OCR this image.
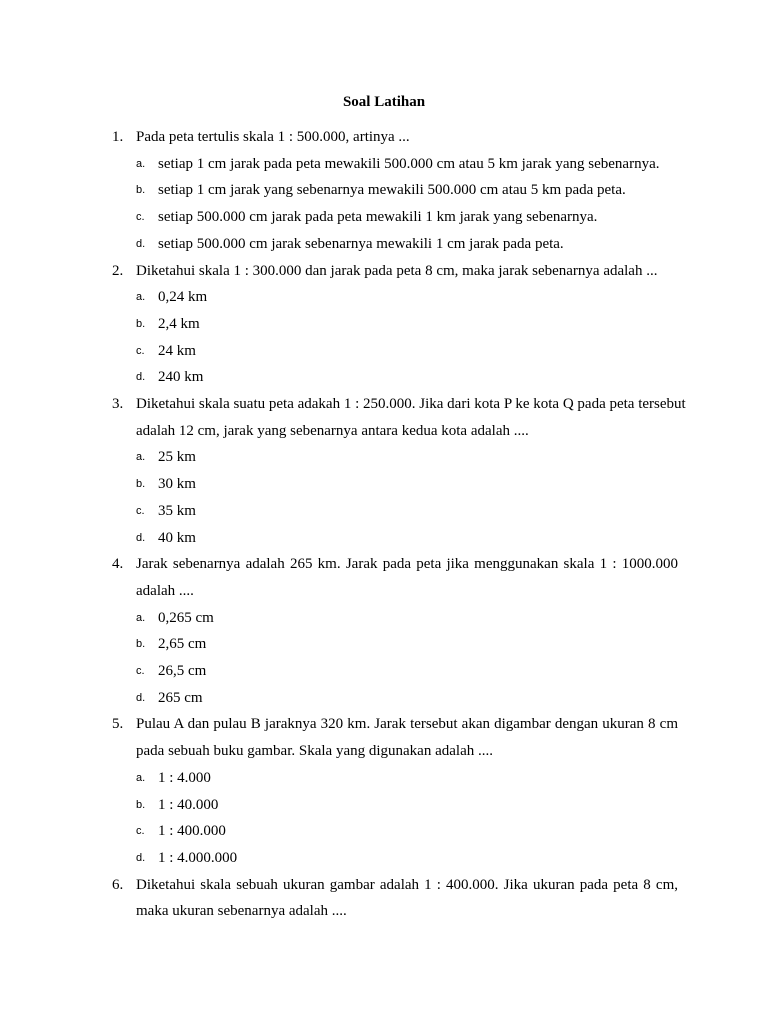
Soal Latihan
1. Pada peta tertulis skala 1 : 500.000, artinya ...
a. setiap 1 cm jarak pada peta mewakili 500.000 cm atau 5 km jarak yang sebenarnya.
b. setiap 1 cm jarak yang sebenarnya mewakili 500.000 cm atau 5 km pada peta.
c. setiap 500.000 cm jarak pada peta mewakili 1 km jarak yang sebenarnya.
d. setiap 500.000 cm jarak sebenarnya mewakili 1 cm jarak pada peta.
2. Diketahui skala 1 : 300.000 dan jarak pada peta 8 cm, maka jarak sebenarnya adalah ...
a. 0,24 km
b. 2,4 km
c. 24 km
d. 240 km
3. Diketahui skala suatu peta adakah 1 : 250.000. Jika dari kota P ke kota Q pada peta tersebut
adalah 12 cm, jarak yang sebenarnya antara kedua kota adalah ....
a. 25 km
b. 30 km
c. 35 km
d. 40 km
4. Jarak sebenarnya adalah 265 km. Jarak pada peta jika menggunakan skala 1 : 1000.000
adalah ....
a. 0,265 cm
b. 2,65 cm
c. 26,5 cm
d. 265 cm
5. Pulau A dan pulau B jaraknya 320 km. Jarak tersebut akan digambar dengan ukuran 8 cm
pada sebuah buku gambar. Skala yang digunakan adalah ....
a. 1 : 4.000
b. 1 : 40.000
c. 1 : 400.000
d. 1 : 4.000.000
6. Diketahui skala sebuah ukuran gambar adalah 1 : 400.000. Jika ukuran pada peta 8 cm,
maka ukuran sebenarnya adalah ....
